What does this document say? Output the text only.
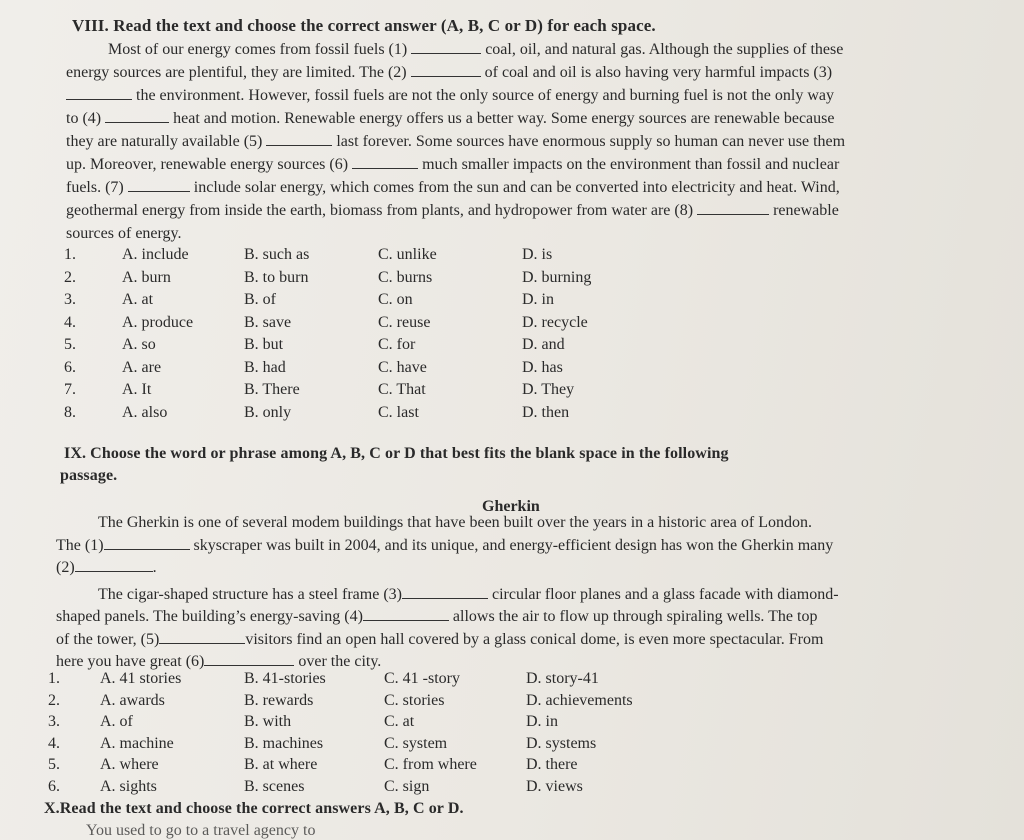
VIII. Read the text and choose the correct answer (A, B, C or D) for each space.
Most of our energy comes from fossil fuels (1)	coal, oil, and natural gas. Although the supplies of these
energy sources are plentiful, they are limited. The (2)	of coal and oil is also having very harmful impacts (3)
the environment. However, fossil fuels are not the only source of energy and burning fuel is not the only way
to (4)	heat and motion. Renewable energy offers us a better way. Some energy sources are renewable because
they are naturally available (5)	last forever. Some sources have enormous supply so human can never use them
up. Moreover, renewable energy sources (6)	much smaller impacts on the environment than fossil and nuclear
fuels. (7)	include solar energy, which comes from the sun and can be converted into electricity and heat. Wind,
geothermal energy from inside the earth, biomass from plants, and hydropower from water are (8)	renewable
sources of energy.
1.	A. include	B. such as	C. unlike	D. is
2.	A. burn	B. to burn	C. burns	D. burning
3.	A. at	B. of	C. on	D. in
4.	A. produce	B. save	C. reuse	D. recycle
5.	A. so	B. but	C. for	D. and
6.	A. are	B. had	C. have	D. has
7.	A. It	B. There	C. That	D. They
8.	A. also	B. only	C. last	D. then
IX. Choose the word or phrase among A, B, C or D that best fits the blank space in the following
passage.
Gherkin
The Gherkin is one of several modem buildings that have been built over the years in a historic area of London.
The (1)	skyscraper was built in 2004, and its unique, and energy-efficient design has won the Gherkin many
(2)	.
The cigar-shaped structure has a steel frame (3)	circular floor planes and a glass facade with diamond-
shaped panels. The building’s energy-saving (4)	allows the air to flow up through spiraling wells. The top
of the tower, (5)	visitors find an open hall covered by a glass conical dome, is even more spectacular. From
here you have great (6)	over the city.
1.	A. 41 stories	B. 41-stories	C. 41 -story	D. story-41
2.	A. awards	B. rewards	C. stories	D. achievements
3.	A. of	B. with	C. at	D. in
4.	A. machine	B. machines	C. system	D. systems
5.	A. where	B. at where	C. from where	D. there
6.	A. sights	B. scenes	C. sign	D. views
X.Read the text and choose the correct answers A, B, C or D.
You used to go to a travel agency to
